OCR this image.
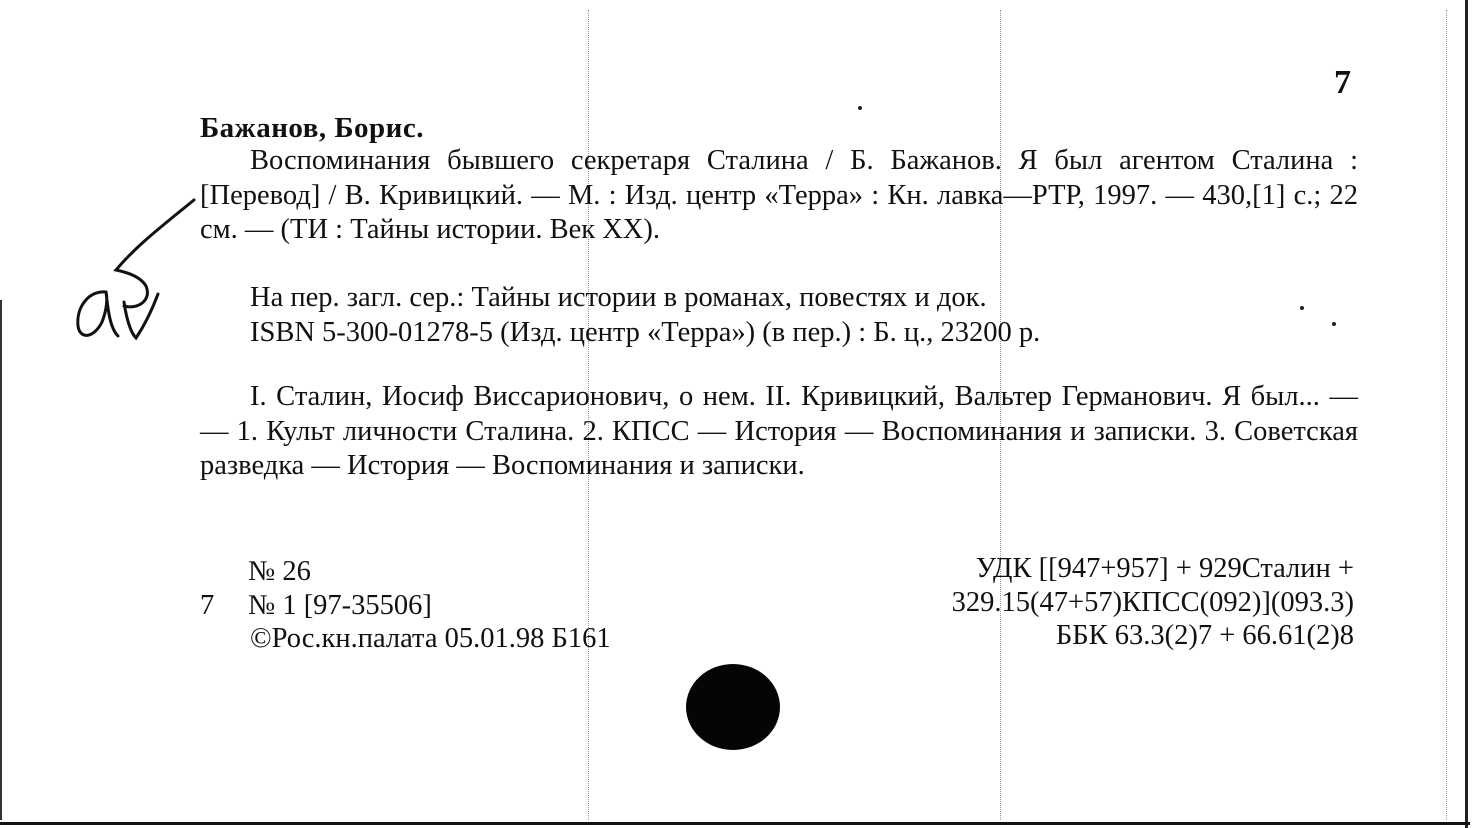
7
Бажанов, Борис.

Воспоминания бывшего секретаря Сталина / Б. Бажанов. Я был агентом Сталина : [Перевод] / В. Кривицкий. — М. : Изд. центр «Терра» : Кн. лавка—РТР, 1997. — 430,[1] с.; 22 см. — (ТИ : Тайны истории. Век XX).

На пер. загл. сер.: Тайны истории в романах, повестях и док.
ISBN 5-300-01278-5 (Изд. центр «Терра») (в пер.) : Б. ц., 23200 р.

I. Сталин, Иосиф Виссарионович, о нем. II. Кривицкий, Вальтер Германович. Я был... — — 1. Культ личности Сталина. 2. КПСС — История — Воспоминания и записки. 3. Советская разведка — История — Воспоминания и записки.

№ 26
7 № 1 [97-35506]
©Рос.кн.палата 05.01.98 Б161
УДК [[947+957] + 929Сталин +
329.15(47+57)КПСС(092)](093.3)
ББК 63.3(2)7 + 66.61(2)8
